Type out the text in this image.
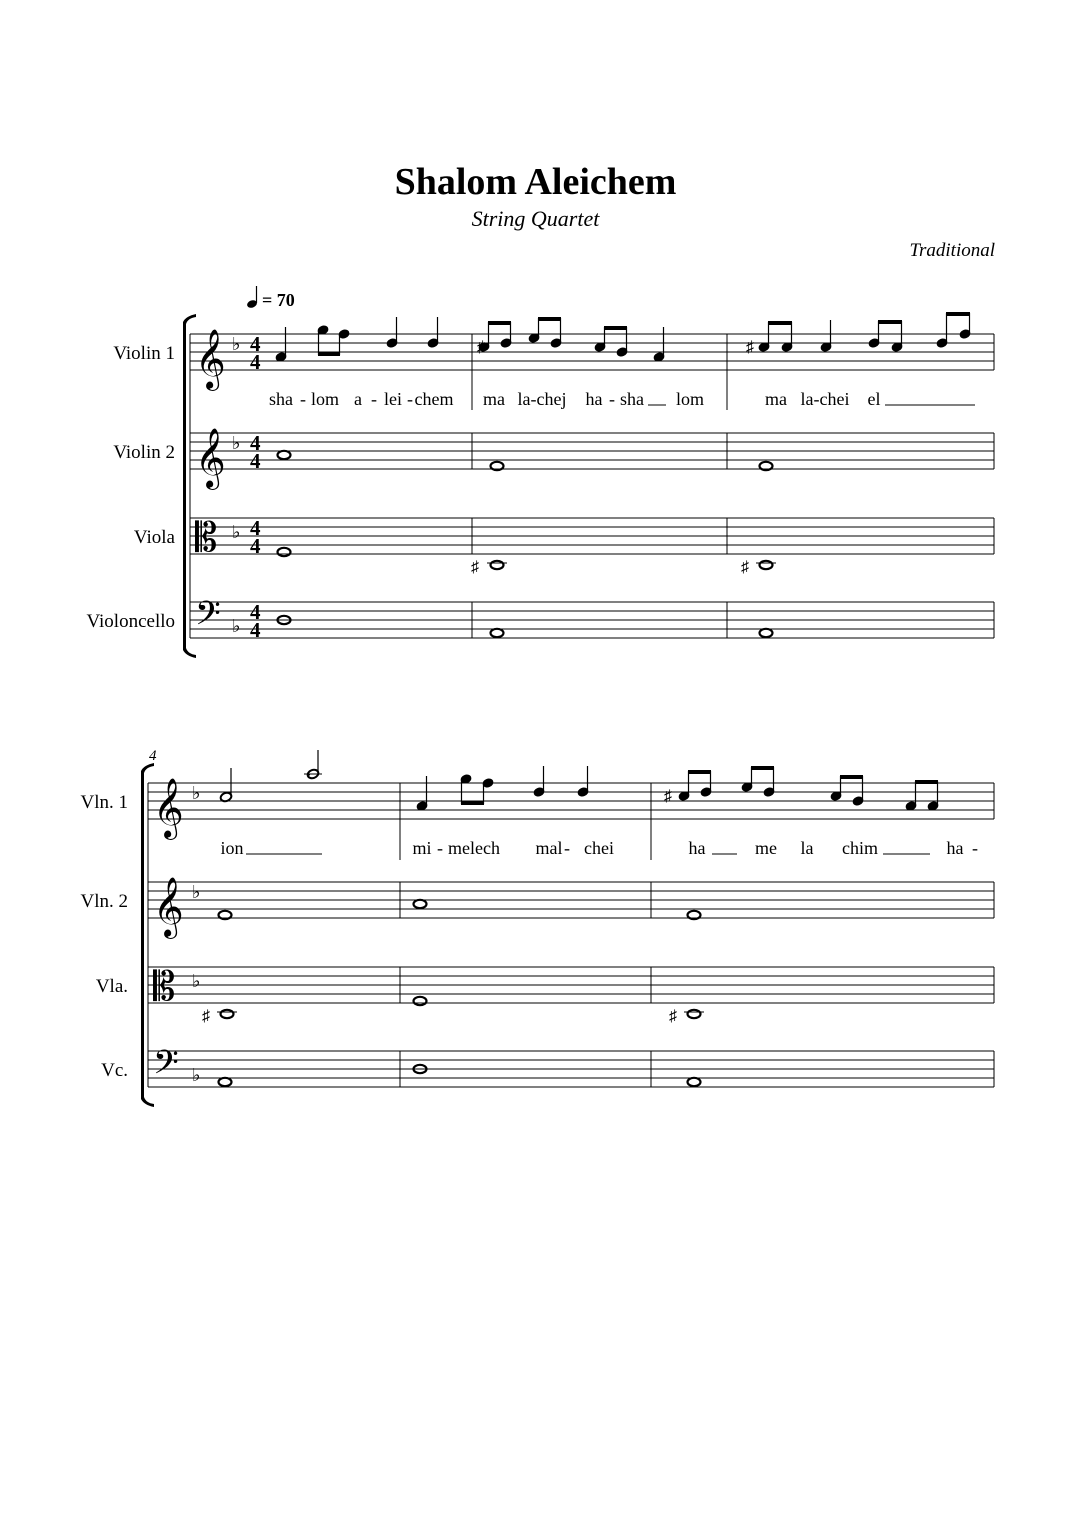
Shalom Aleichem
String Quartet
Traditional
Violin 1
Violin 2
Viola
Violoncello
Vln. 1
Vln. 2
Vla.
Vc.
= 70
4
𝄞
𝄞
𝄡
𝄢
♭
♭
♭
♭
4
4
4
4
4
4
4
4
𝄞
𝄞
𝄡
𝄢
♭
♭
♭
♭
♯	♯
♯	♯
♯
♯	♯
sha - lom a - lei - chem ma la-chej ha - sha lom	ma la-chei el
ion	mi - melech mal - chei	ha	me la chim	ha -
